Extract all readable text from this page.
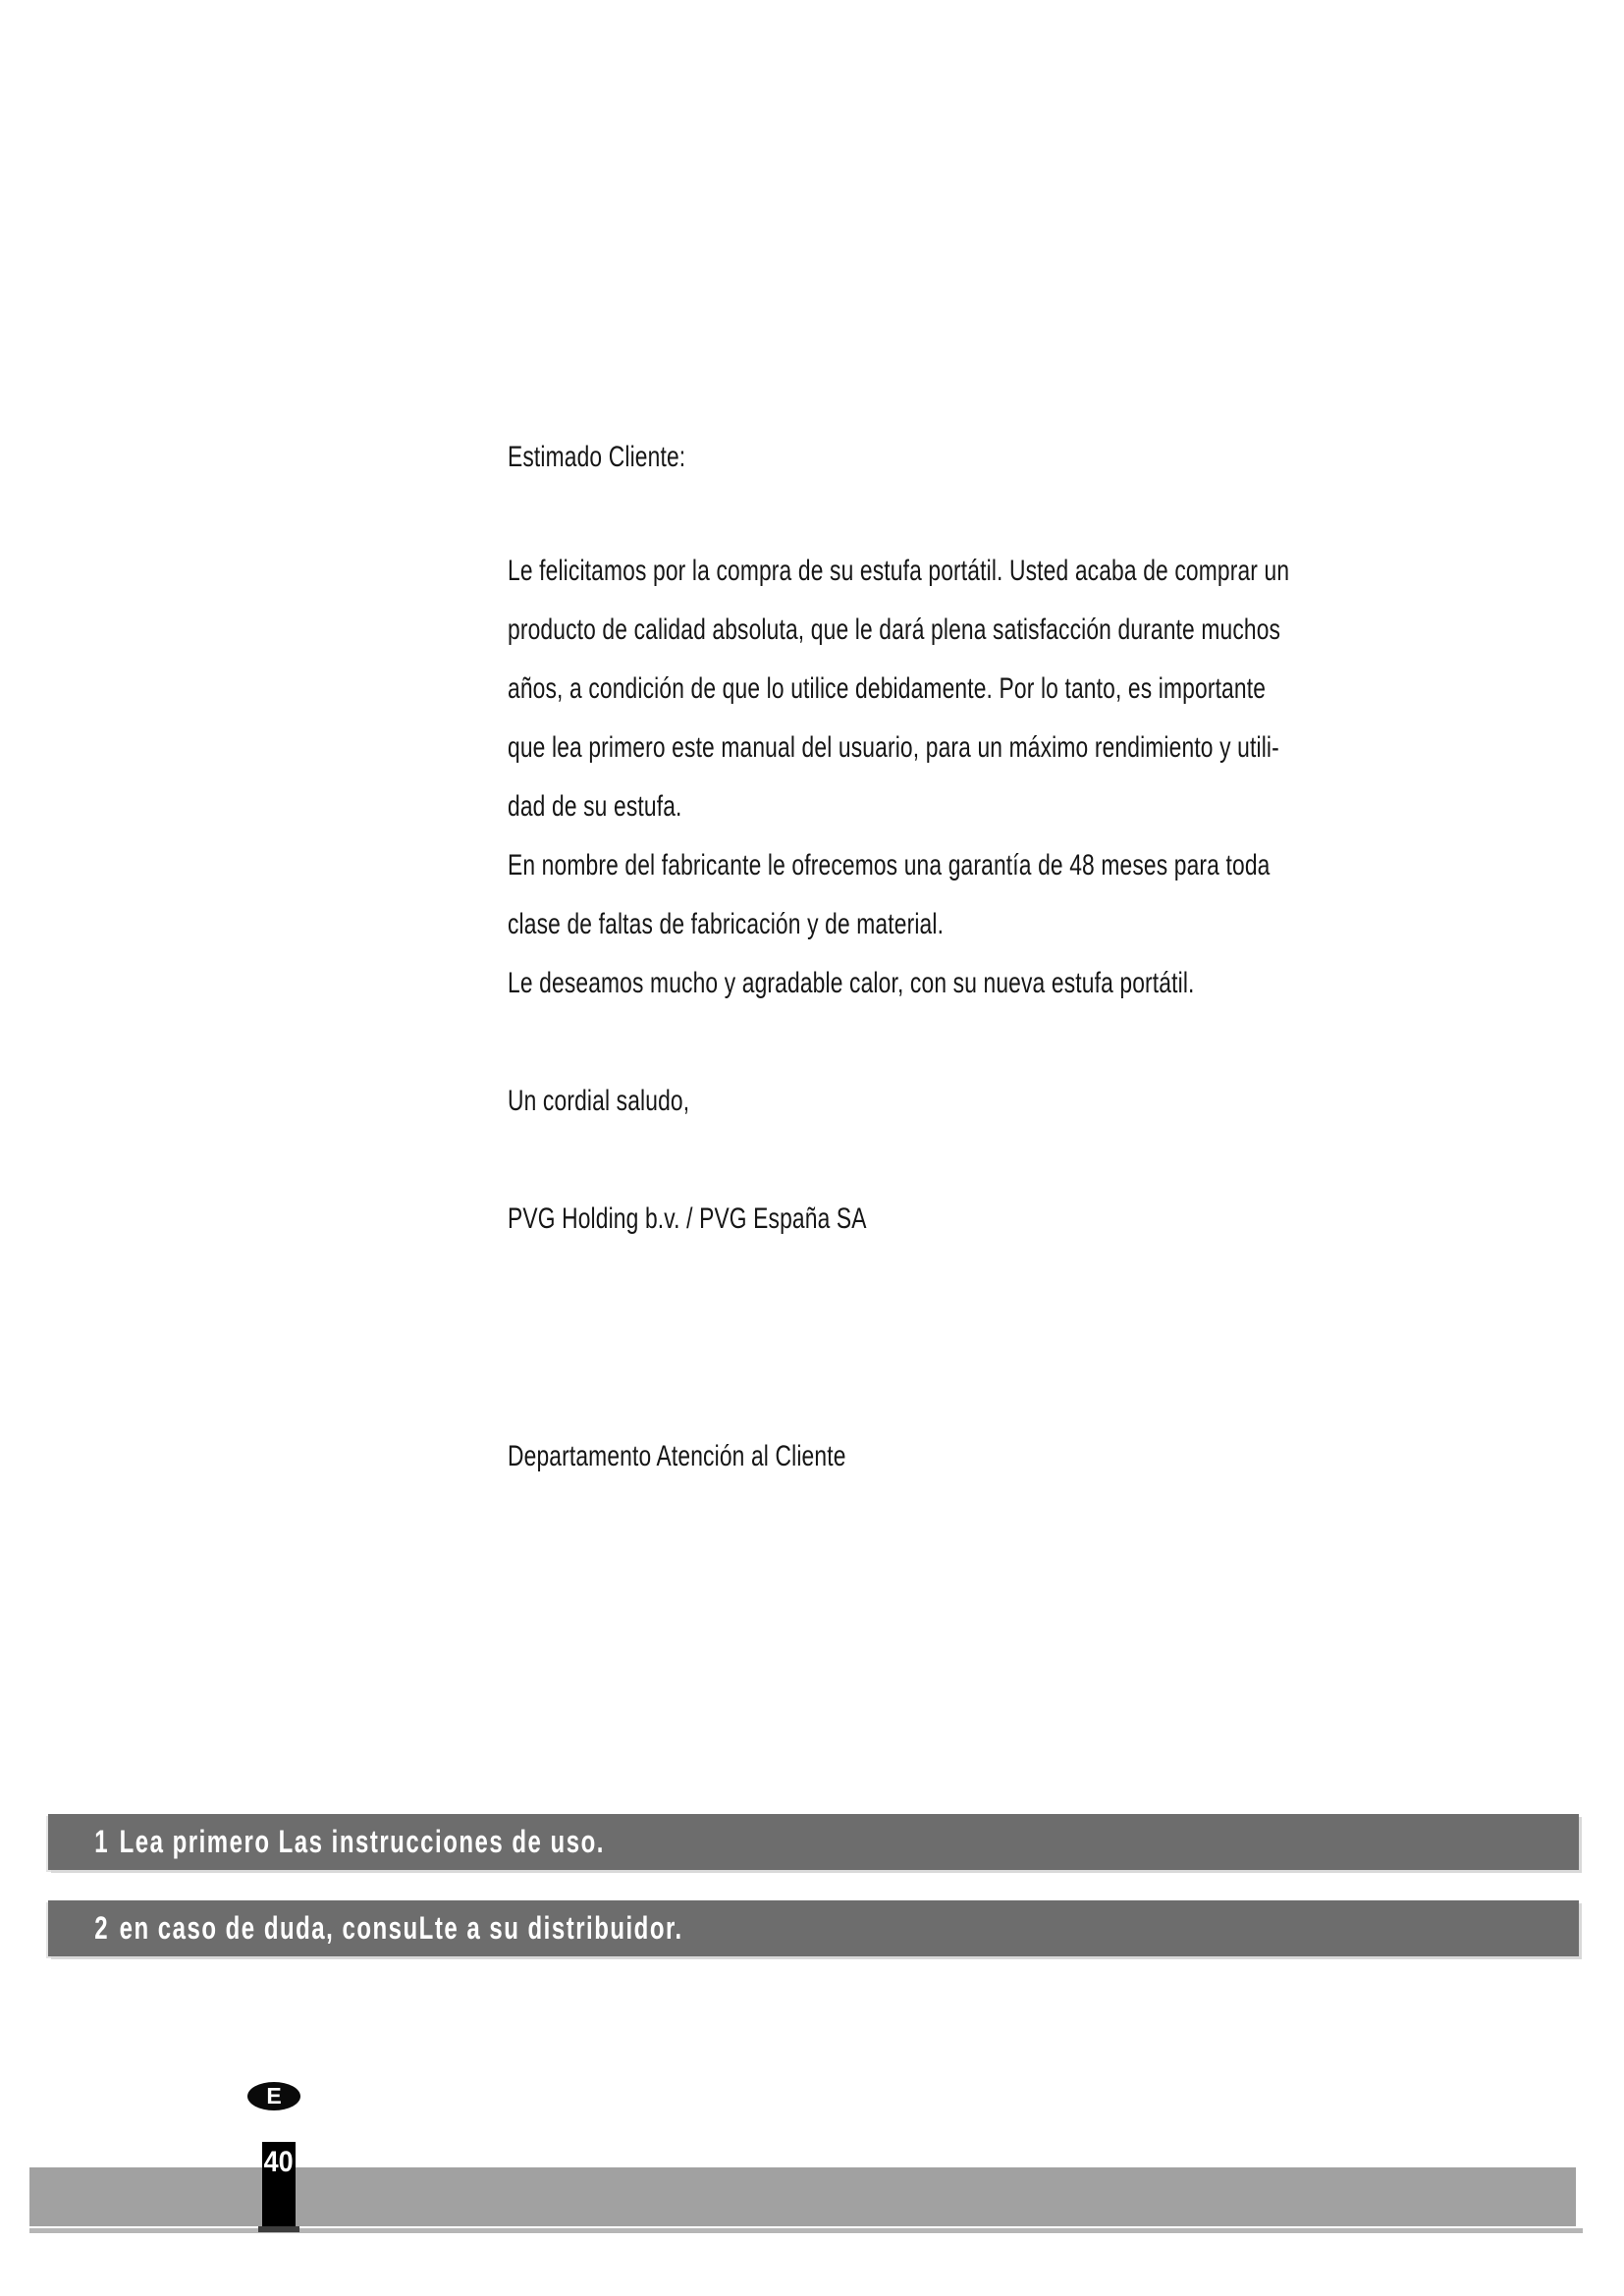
Estimado Cliente:
Le felicitamos por la compra de su estufa portátil. Usted acaba de comprar un
producto de calidad absoluta, que le dará plena satisfacción durante muchos
años, a condición de que lo utilice debidamente. Por lo tanto, es importante
que lea primero este manual del usuario, para un máximo rendimiento y utili-
dad de su estufa.
En nombre del fabricante le ofrecemos una garantía de 48 meses para toda
clase de faltas de fabricación y de material.
Le deseamos mucho y agradable calor, con su nueva estufa portátil.
Un cordial saludo,
PVG Holding b.v. / PVG España SA
Departamento Atención al Cliente
1 Lea primero Las instrucciones de uso.
2 en caso de duda, consuLte a su distribuidor.
E
40
